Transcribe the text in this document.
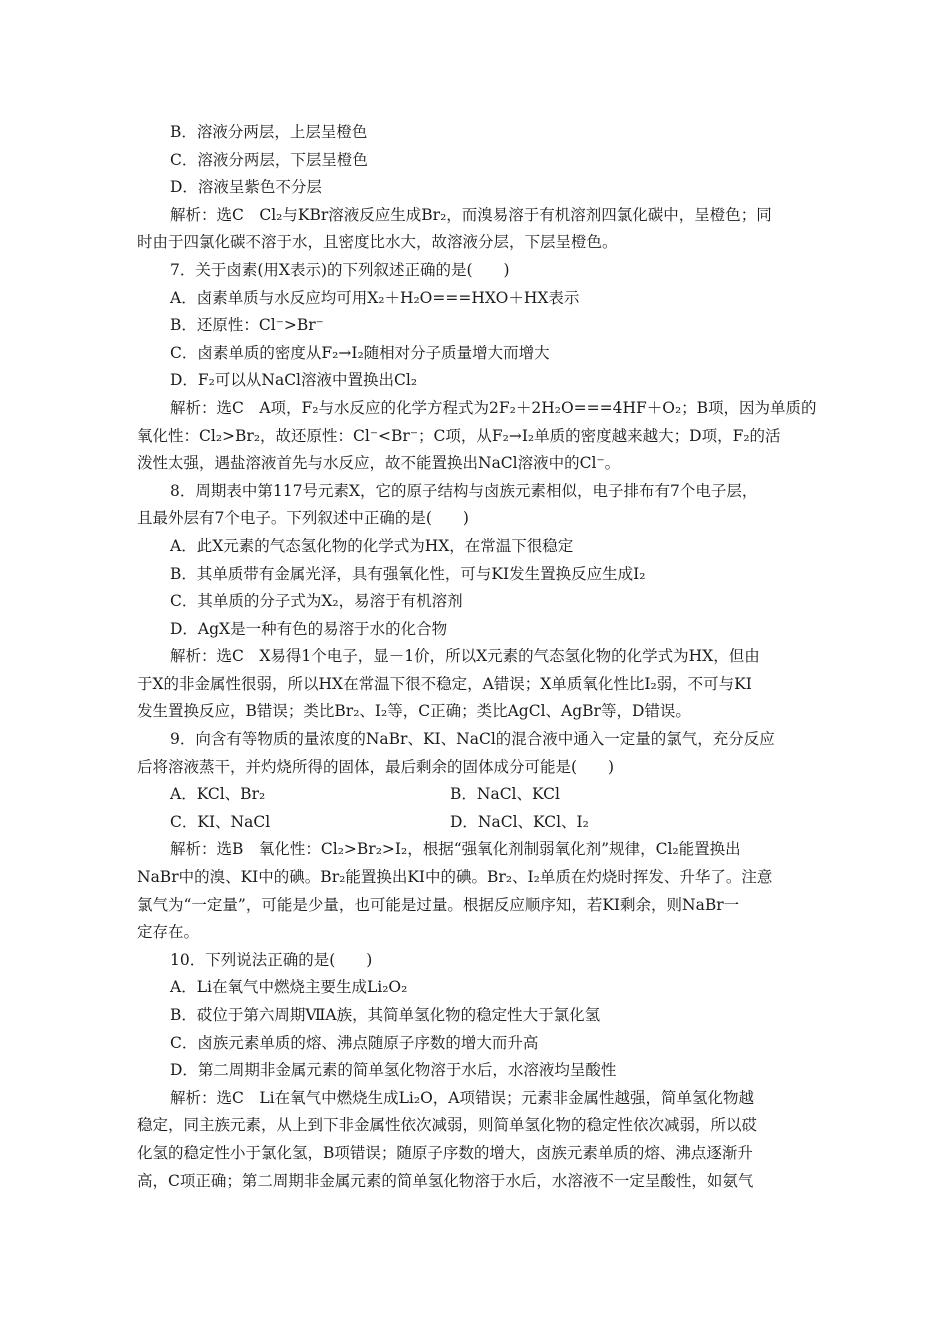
B．溶液分两层，上层呈橙色
C．溶液分两层，下层呈橙色
D．溶液呈紫色不分层
解析：选C　Cl₂与KBr溶液反应生成Br₂，而溴易溶于有机溶剂四氯化碳中，呈橙色；同
时由于四氯化碳不溶于水，且密度比水大，故溶液分层，下层呈橙色。
7．关于卤素(用X表示)的下列叙述正确的是(　　)
A．卤素单质与水反应均可用X₂＋H₂O===HXO＋HX表示
B．还原性：Cl⁻>Br⁻
C．卤素单质的密度从F₂→I₂随相对分子质量增大而增大
D．F₂可以从NaCl溶液中置换出Cl₂
解析：选C　A项，F₂与水反应的化学方程式为2F₂＋2H₂O===4HF＋O₂；B项，因为单质的
氧化性：Cl₂>Br₂，故还原性：Cl⁻<Br⁻；C项，从F₂→I₂单质的密度越来越大；D项，F₂的活
泼性太强，遇盐溶液首先与水反应，故不能置换出NaCl溶液中的Cl⁻。
8．周期表中第117号元素X，它的原子结构与卤族元素相似，电子排布有7个电子层，
且最外层有7个电子。下列叙述中正确的是(　　)
A．此X元素的气态氢化物的化学式为HX，在常温下很稳定
B．其单质带有金属光泽，具有强氧化性，可与KI发生置换反应生成I₂
C．其单质的分子式为X₂，易溶于有机溶剂
D．AgX是一种有色的易溶于水的化合物
解析：选C　X易得1个电子，显－1价，所以X元素的气态氢化物的化学式为HX，但由
于X的非金属性很弱，所以HX在常温下很不稳定，A错误；X单质氧化性比I₂弱，不可与KI
发生置换反应，B错误；类比Br₂、I₂等，C正确；类比AgCl、AgBr等，D错误。
9．向含有等物质的量浓度的NaBr、KI、NaCl的混合液中通入一定量的氯气，充分反应
后将溶液蒸干，并灼烧所得的固体，最后剩余的固体成分可能是(　　)
A．KCl、Br₂	B．NaCl、KCl
C．KI、NaCl	D．NaCl、KCl、I₂
解析：选B　氧化性：Cl₂>Br₂>I₂，根据“强氧化剂制弱氧化剂”规律，Cl₂能置换出
NaBr中的溴、KI中的碘。Br₂能置换出KI中的碘。Br₂、I₂单质在灼烧时挥发、升华了。注意
氯气为“一定量”，可能是少量，也可能是过量。根据反应顺序知，若KI剩余，则NaBr一
定存在。
10．下列说法正确的是(　　)
A．Li在氧气中燃烧主要生成Li₂O₂
B．砹位于第六周期ⅦA族，其简单氢化物的稳定性大于氯化氢
C．卤族元素单质的熔、沸点随原子序数的增大而升高
D．第二周期非金属元素的简单氢化物溶于水后，水溶液均呈酸性
解析：选C　Li在氧气中燃烧生成Li₂O，A项错误；元素非金属性越强，简单氢化物越
稳定，同主族元素，从上到下非金属性依次减弱，则简单氢化物的稳定性依次减弱，所以砹
化氢的稳定性小于氯化氢，B项错误；随原子序数的增大，卤族元素单质的熔、沸点逐渐升
高，C项正确；第二周期非金属元素的简单氢化物溶于水后，水溶液不一定呈酸性，如氨气
